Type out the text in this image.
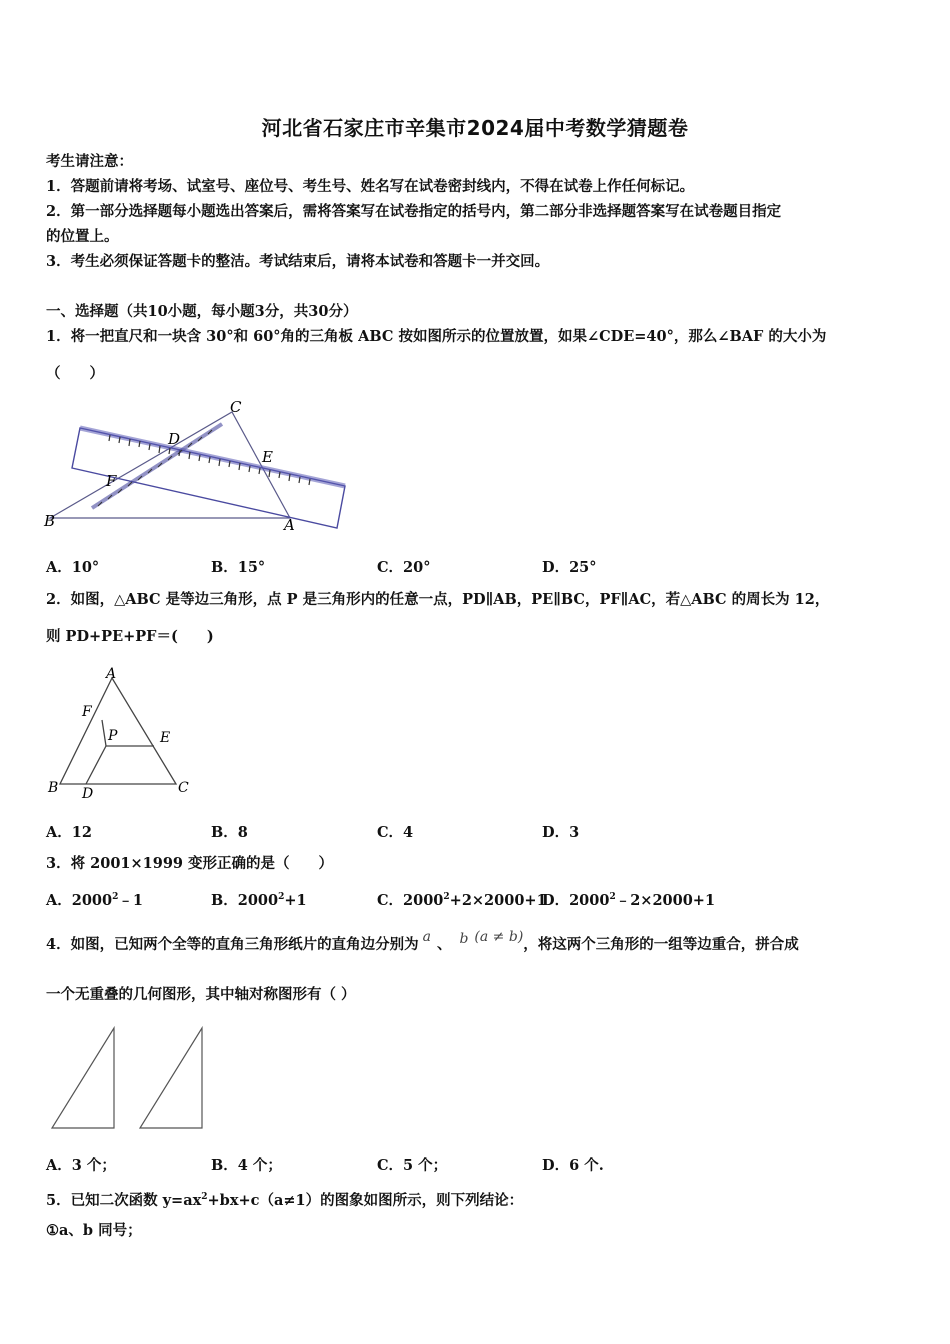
河北省石家庄市辛集市2024届中考数学猜题卷
考生请注意：
1．答题前请将考场、试室号、座位号、考生号、姓名写在试卷密封线内，不得在试卷上作任何标记。
2．第一部分选择题每小题选出答案后，需将答案写在试卷指定的括号内，第二部分非选择题答案写在试卷题目指定
的位置上。
3．考生必须保证答题卡的整洁。考试结束后，请将本试卷和答题卡一并交回。
一、选择题（共10小题，每小题3分，共30分）
1．将一把直尺和一块含 30°和 60°角的三角板 ABC 按如图所示的位置放置，如果∠CDE=40°，那么∠BAF 的大小为
（　　）
C
D
E
F
B	A
A．10°	B．15°	C．20°	D．25°
2．如图，△ABC 是等边三角形，点 P 是三角形内的任意一点，PD∥AB，PE∥BC，PF∥AC，若△ABC 的周长为 12，
则 PD+PE+PF＝(　　)
A
F
P	E
B D	C
A．12	B．8	C．4	D．3
3．将 2001×1999 变形正确的是（　　）
A．2000$^2$﹣1	B．$2000^2+1$	C．$2000^2+2\times 2000+1$
D．$2000^2﹣2\times 2000+1$
4．如图，已知两个全等的直角三角形纸片的直角边分别为 a 、 b (a ≠ b)，将这两个三角形的一组等边重合，拼合成
一个无重叠的几何图形，其中轴对称图形有（ ）
A．3 个；	B．4 个；	C．5 个；	D．6 个.
5．已知二次函数 $y=ax^2+bx+c(a\ne 1)$的图象如图所示，则下列结论：
①a、b 同号；
